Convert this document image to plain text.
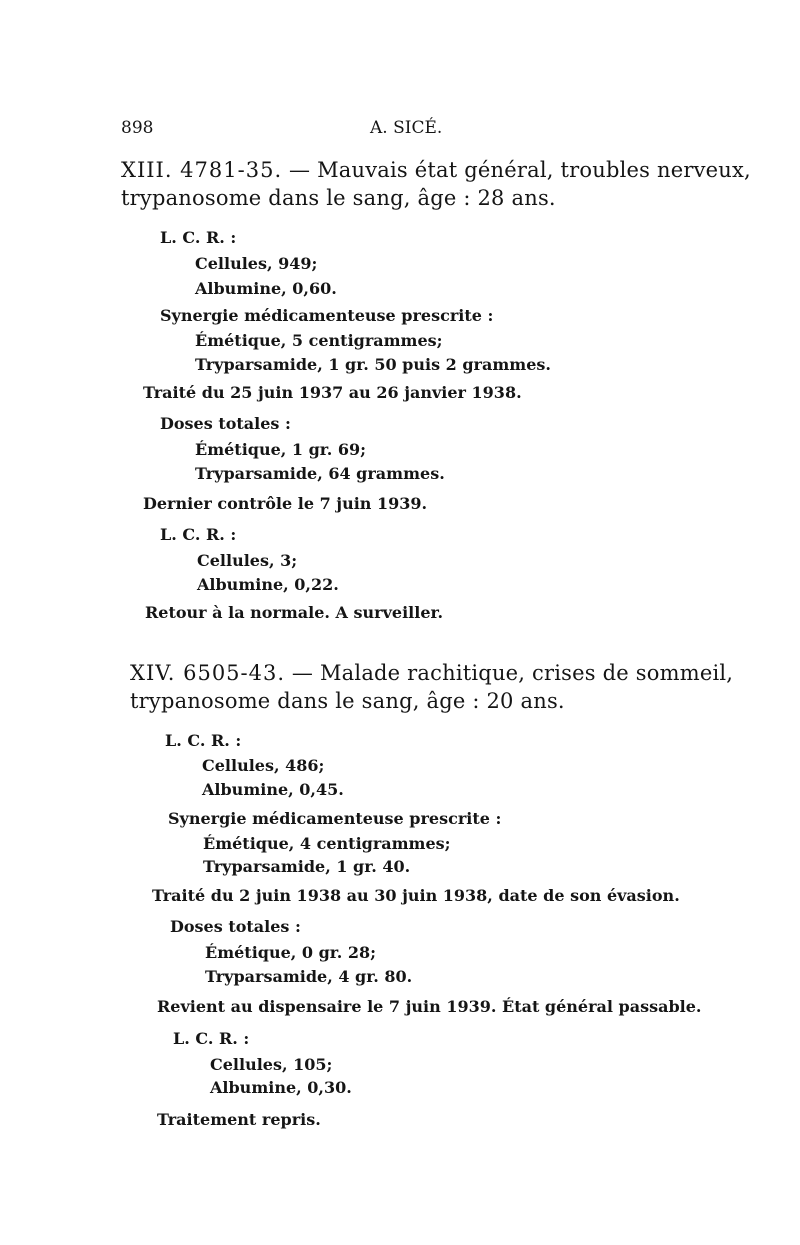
898	A. SICÉ.
XIII. 4781-35. — Mauvais état général, troubles nerveux,
trypanosome dans le sang, âge : 28 ans.
L. C. R. :
Cellules, 949;
Albumine, 0,60.
Synergie médicamenteuse prescrite :
Émétique, 5 centigrammes;
Tryparsamide, 1 gr. 50 puis 2 grammes.
Traité du 25 juin 1937 au 26 janvier 1938.
Doses totales :
Émétique, 1 gr. 69;
Tryparsamide, 64 grammes.
Dernier contrôle le 7 juin 1939.
L. C. R. :
Cellules, 3;
Albumine, 0,22.
Retour à la normale. A surveiller.
XIV. 6505-43. — Malade rachitique, crises de sommeil,
trypanosome dans le sang, âge : 20 ans.
L. C. R. :
Cellules, 486;
Albumine, 0,45.
Synergie médicamenteuse prescrite :
Émétique, 4 centigrammes;
Tryparsamide, 1 gr. 40.
Traité du 2 juin 1938 au 30 juin 1938, date de son évasion.
Doses totales :
Émétique, 0 gr. 28;
Tryparsamide, 4 gr. 80.
Revient au dispensaire le 7 juin 1939. État général passable.
L. C. R. :
Cellules, 105;
Albumine, 0,30.
Traitement repris.
